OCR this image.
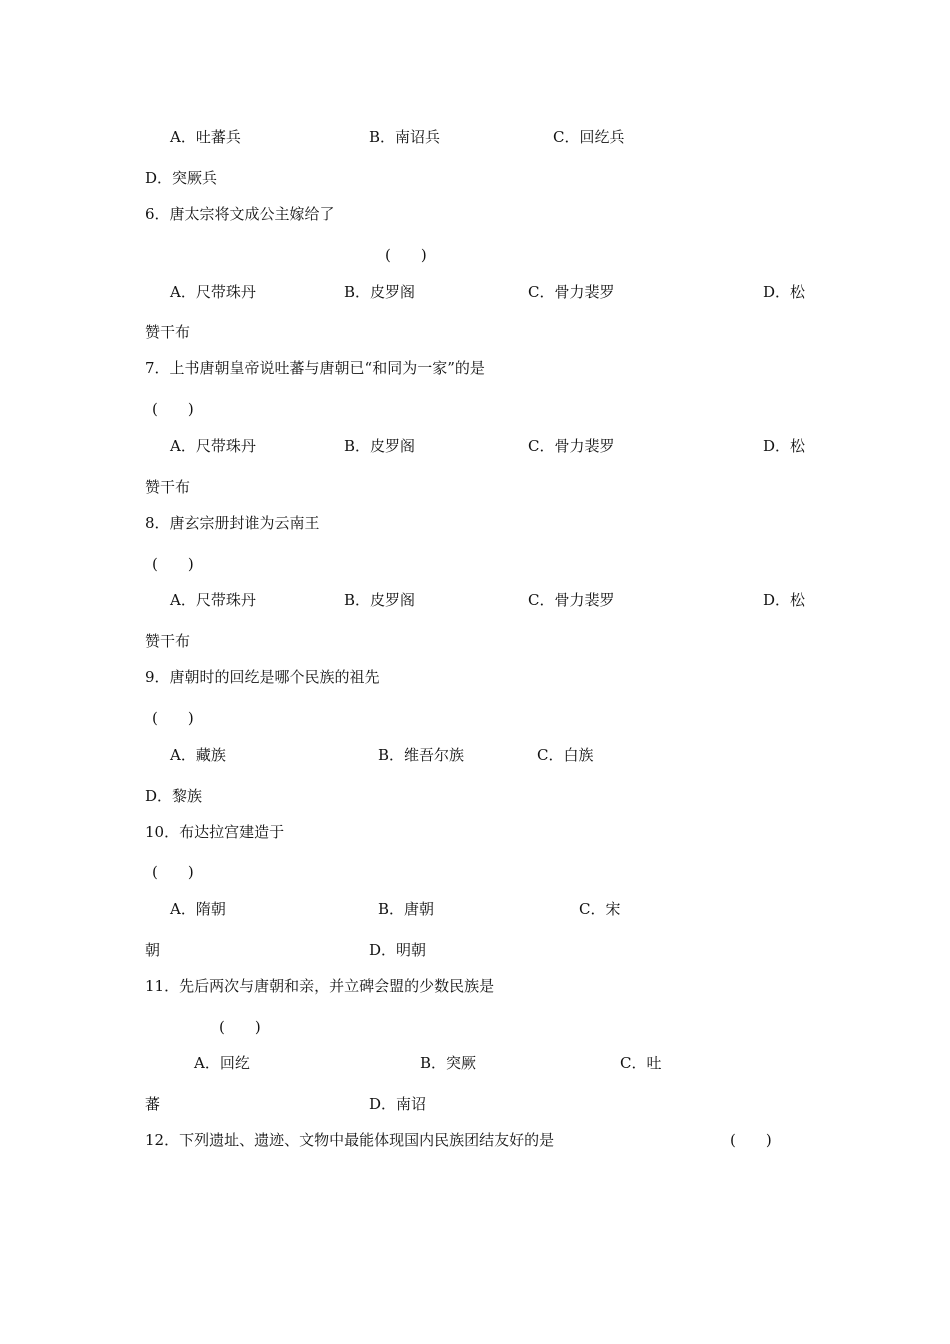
A．吐蕃兵	B．南诏兵	C．回纥兵
D．突厥兵
6．唐太宗将文成公主嫁给了
(　　)
A．尺带珠丹	B．皮罗阁	C．骨力裴罗	D．松
赞干布
7．上书唐朝皇帝说吐蕃与唐朝已“和同为一家”的是
(　　)
A．尺带珠丹	B．皮罗阁	C．骨力裴罗	D．松
赞干布
8．唐玄宗册封谁为云南王
(　　)
A．尺带珠丹	B．皮罗阁	C．骨力裴罗	D．松
赞干布
9．唐朝时的回纥是哪个民族的祖先
(　　)
A．藏族	B．维吾尔族	C．白族
D．黎族
10．布达拉宫建造于
(　　)
A．隋朝	B．唐朝	C．宋
朝	D．明朝
11．先后两次与唐朝和亲，并立碑会盟的少数民族是
(　　)
A．回纥	B．突厥	C．吐
蕃	D．南诏
12．下列遗址、遗迹、文物中最能体现国内民族团结友好的是	(　　)
